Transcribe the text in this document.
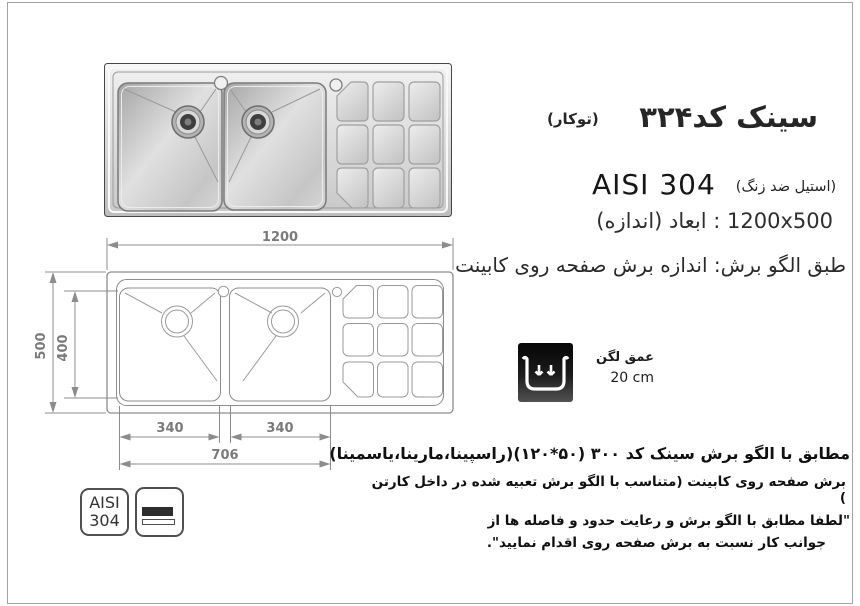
1200
500 400
340	340
706
سینک کد۳۲۴
(توکار)
AISI 304 (استیل ضد زنگ)
1200x500 : ابعاد (اندازه)
طبق الگو برش: اندازه برش صفحه روی کابینت
عمق لگن
20 cm
مطابق با الگو برش سینک کد ۳۰۰ (۵۰*۱۲۰)(راسپینا،مارینا،یاسمینا)
برش صفحه روی کابینت (متناسب با الگو برش تعبیه شده در داخل کارتن )
"لطفا مطابق با الگو برش و رعایت حدود و فاصله ها از
جوانب کار نسبت به برش صفحه روی اقدام نمایید".
AISI
304
